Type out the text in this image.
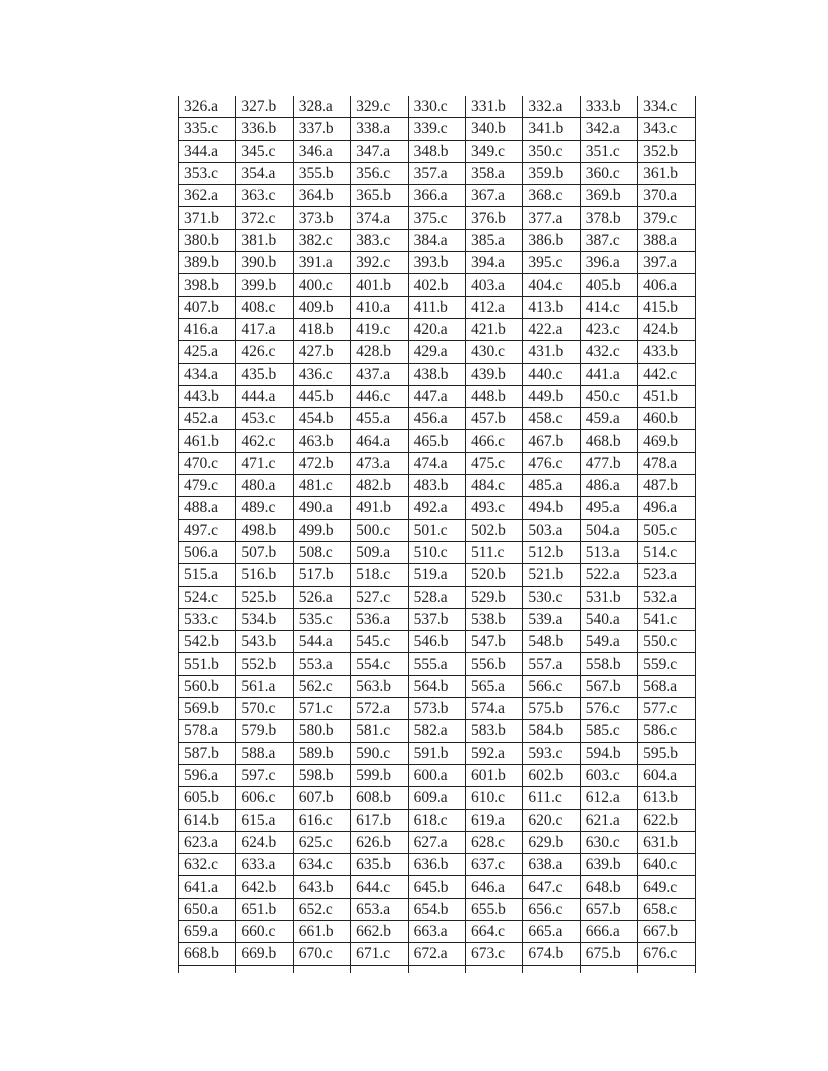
326.a	327.b	328.a	329.c	330.c	331.b	332.a	333.b	334.c
335.c	336.b	337.b	338.a	339.c	340.b	341.b	342.a	343.c
344.a	345.c	346.a	347.a	348.b	349.c	350.c	351.c	352.b
353.c	354.a	355.b	356.c	357.a	358.a	359.b	360.c	361.b
362.a	363.c	364.b	365.b	366.a	367.a	368.c	369.b	370.a
371.b	372.c	373.b	374.a	375.c	376.b	377.a	378.b	379.c
380.b	381.b	382.c	383.c	384.a	385.a	386.b	387.c	388.a
389.b	390.b	391.a	392.c	393.b	394.a	395.c	396.a	397.a
398.b	399.b	400.c	401.b	402.b	403.a	404.c	405.b	406.a
407.b	408.c	409.b	410.a	411.b	412.a	413.b	414.c	415.b
416.a	417.a	418.b	419.c	420.a	421.b	422.a	423.c	424.b
425.a	426.c	427.b	428.b	429.a	430.c	431.b	432.c	433.b
434.a	435.b	436.c	437.a	438.b	439.b	440.c	441.a	442.c
443.b	444.a	445.b	446.c	447.a	448.b	449.b	450.c	451.b
452.a	453.c	454.b	455.a	456.a	457.b	458.c	459.a	460.b
461.b	462.c	463.b	464.a	465.b	466.c	467.b	468.b	469.b
470.c	471.c	472.b	473.a	474.a	475.c	476.c	477.b	478.a
479.c	480.a	481.c	482.b	483.b	484.c	485.a	486.a	487.b
488.a	489.c	490.a	491.b	492.a	493.c	494.b	495.a	496.a
497.c	498.b	499.b	500.c	501.c	502.b	503.a	504.a	505.c
506.a	507.b	508.c	509.a	510.c	511.c	512.b	513.a	514.c
515.a	516.b	517.b	518.c	519.a	520.b	521.b	522.a	523.a
524.c	525.b	526.a	527.c	528.a	529.b	530.c	531.b	532.a
533.c	534.b	535.c	536.a	537.b	538.b	539.a	540.a	541.c
542.b	543.b	544.a	545.c	546.b	547.b	548.b	549.a	550.c
551.b	552.b	553.a	554.c	555.a	556.b	557.a	558.b	559.c
560.b	561.a	562.c	563.b	564.b	565.a	566.c	567.b	568.a
569.b	570.c	571.c	572.a	573.b	574.a	575.b	576.c	577.c
578.a	579.b	580.b	581.c	582.a	583.b	584.b	585.c	586.c
587.b	588.a	589.b	590.c	591.b	592.a	593.c	594.b	595.b
596.a	597.c	598.b	599.b	600.a	601.b	602.b	603.c	604.a
605.b	606.c	607.b	608.b	609.a	610.c	611.c	612.a	613.b
614.b	615.a	616.c	617.b	618.c	619.a	620.c	621.a	622.b
623.a	624.b	625.c	626.b	627.a	628.c	629.b	630.c	631.b
632.c	633.a	634.c	635.b	636.b	637.c	638.a	639.b	640.c
641.a	642.b	643.b	644.c	645.b	646.a	647.c	648.b	649.c
650.a	651.b	652.c	653.a	654.b	655.b	656.c	657.b	658.c
659.a	660.c	661.b	662.b	663.a	664.c	665.a	666.a	667.b
668.b	669.b	670.c	671.c	672.a	673.c	674.b	675.b	676.c
